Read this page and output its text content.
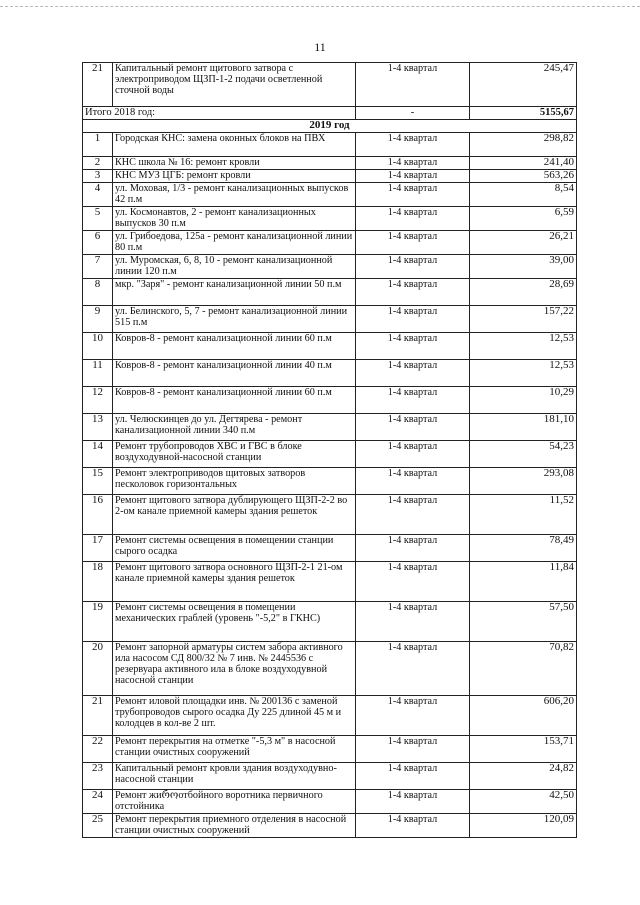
11
21	Капитальный ремонт щитового затвора с электроприводом ЩЗП-1-2 подачи осветленной сточной воды	1-4 квартал	245,47
Итого 2018 год:		-	5155,67
2019 год			
1	Городская КНС: замена оконных блоков на ПВХ	1-4 квартал	298,82
2	КНС школа № 16: ремонт кровли	1-4 квартал	241,40
3	КНС МУЗ ЦГБ: ремонт кровли	1-4 квартал	563,26
4	ул. Моховая, 1/3 - ремонт канализационных выпусков 42 п.м	1-4 квартал	8,54
5	ул. Космонавтов, 2 - ремонт канализационных выпусков 30 п.м	1-4 квартал	6,59
6	ул. Грибоедова, 125а - ремонт канализационной линии 80 п.м	1-4 квартал	26,21
7	ул. Муромская, 6, 8, 10 - ремонт канализационной линии 120 п.м	1-4 квартал	39,00
8	мкр. "Заря" - ремонт канализационной линии 50 п.м	1-4 квартал	28,69
9	ул. Белинского, 5, 7 - ремонт канализационной линии 515 п.м	1-4 квартал	157,22
10	Ковров-8 - ремонт канализационной линии 60 п.м	1-4 квартал	12,53
11	Ковров-8 - ремонт канализационной линии 40 п.м	1-4 квартал	12,53
12	Ковров-8 - ремонт канализационной линии 60 п.м	1-4 квартал	10,29
13	ул. Челюскинцев до ул. Дегтярева - ремонт канализационной линии 340 п.м	1-4 квартал	181,10
14	Ремонт трубопроводов ХВС и ГВС в блоке воздуходувной-насосной станции	1-4 квартал	54,23
15	Ремонт электроприводов щитовых затворов песколовок горизонтальных	1-4 квартал	293,08
16	Ремонт щитового затвора дублирующего ЩЗП-2-2 во 2-ом канале приемной камеры здания решеток	1-4 квартал	11,52
17	Ремонт системы освещения в помещении станции сырого осадка	1-4 квартал	78,49
18	Ремонт щитового затвора основного ЩЗП-2-1 21-ом канале приемной камеры здания решеток	1-4 квартал	11,84
19	Ремонт системы освещения в помещении механических граблей (уровень "-5,2" в ГКНС)	1-4 квартал	57,50
20	Ремонт запорной арматуры систем забора активного ила насосом СД 800/32 № 7 инв. № 2445536 с резервуара активного ила в блоке воздуходувной насосной станции	1-4 квартал	70,82
21	Ремонт иловой площадки инв. № 200136 с заменой трубопроводов сырого осадка Ду 225 длиной 45 м и колодцев в кол-ве 2 шт.	1-4 квартал	606,20
22	Ремонт перекрытия на отметке "-5,3 м" в насосной станции очистных сооружений	1-4 квартал	153,71
23	Капитальный ремонт кровли здания воздуходувно-насосной станции	1-4 квартал	24,82
24	Ремонт жиროотбойного воротника первичного отстойника	1-4 квартал	42,50
25	Ремонт перекрытия приемного отделения в насосной станции очистных сооружений	1-4 квартал	120,09
